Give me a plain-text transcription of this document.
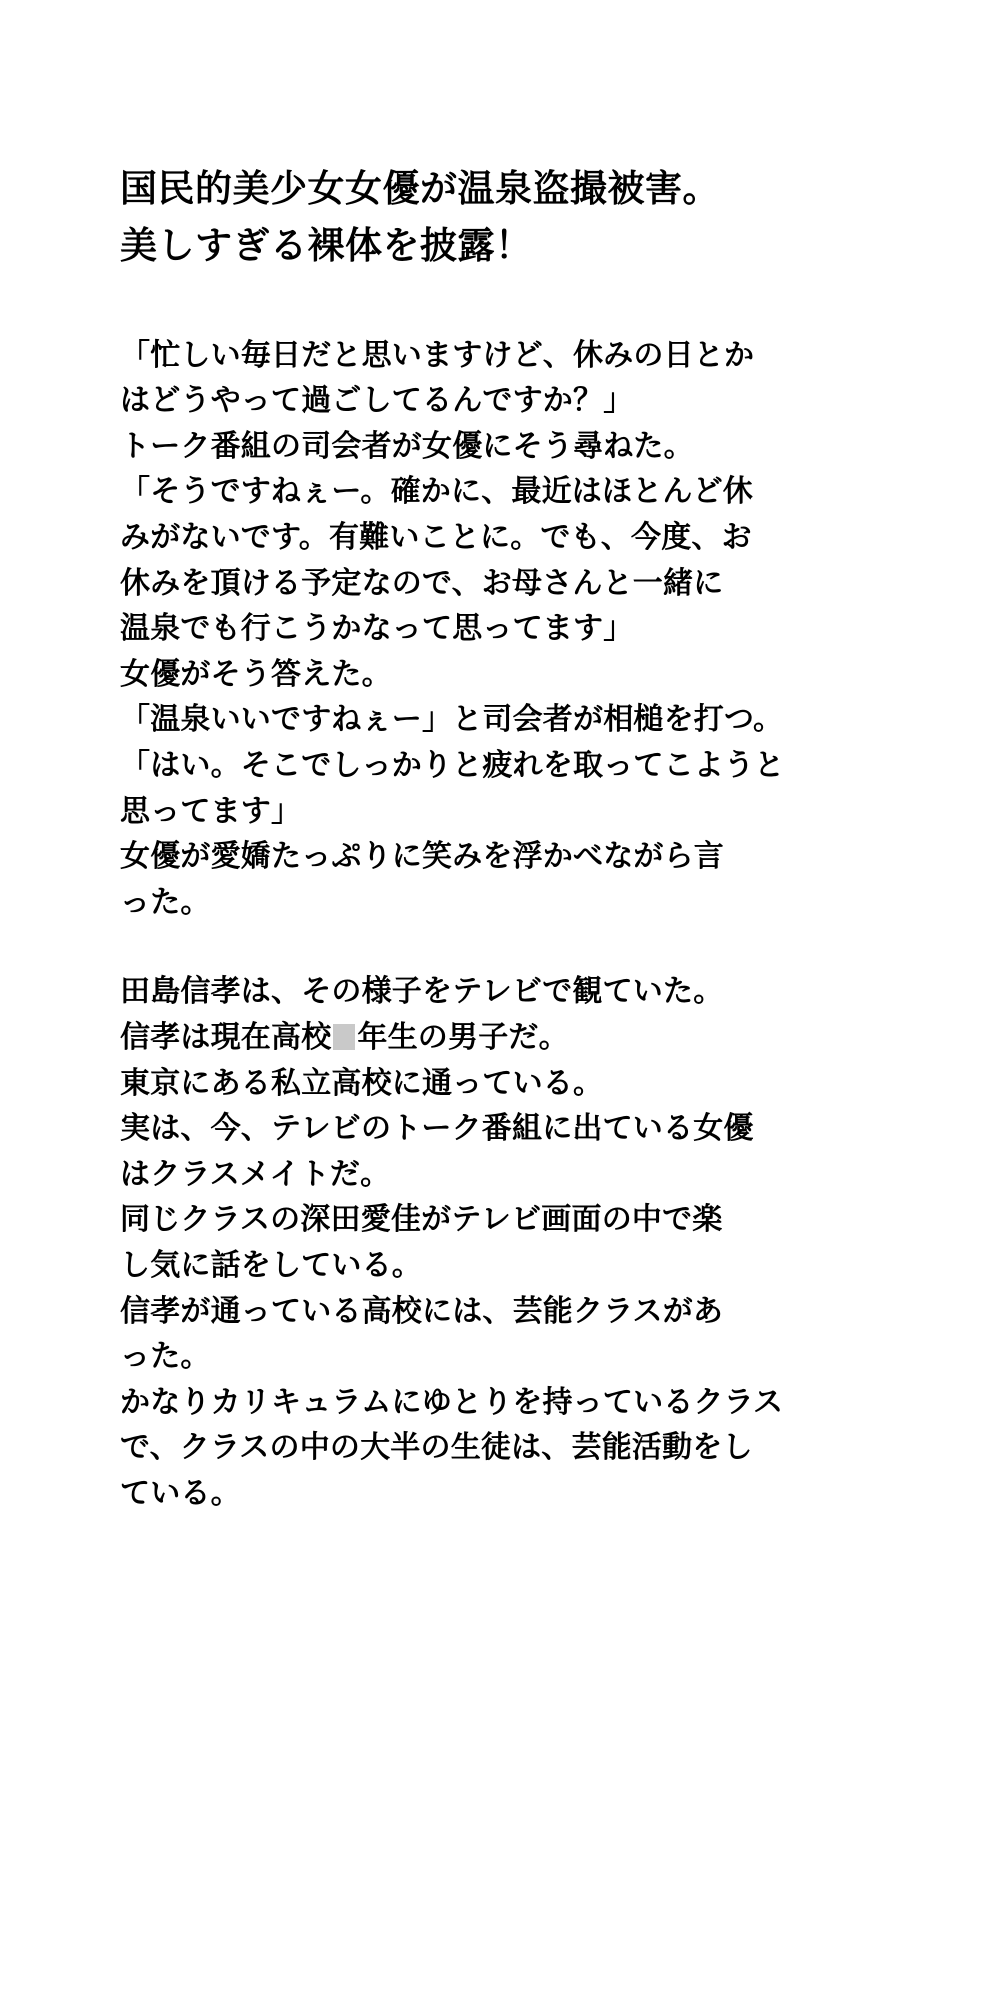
国民的美少女女優が温泉盗撮被害。
美しすぎる裸体を披露！

「忙しい毎日だと思いますけど、休みの日とか

はどうやって過ごしてるんですか？」

トーク番組の司会者が女優にそう尋ねた。

「そうですねぇー。確かに、最近はほとんど休

みがないです。有難いことに。でも、今度、お

休みを頂ける予定なので、お母さんと一緒に

温泉でも行こうかなって思ってます」

女優がそう答えた。

「温泉いいですねぇー」と司会者が相槌を打つ。

「はい。そこでしっかりと疲れを取ってこようと

思ってます」

女優が愛嬌たっぷりに笑みを浮かべながら言

った。

田島信孝は、その様子をテレビで観ていた。

信孝は現在高校 年生の男子だ。

東京にある私立高校に通っている。

実は、今、テレビのトーク番組に出ている女優

はクラスメイトだ。

同じクラスの深田愛佳がテレビ画面の中で楽

し気に話をしている。

信孝が通っている高校には、芸能クラスがあ

った。

かなりカリキュラムにゆとりを持っているクラス

で、クラスの中の大半の生徒は、芸能活動をし

ている。
